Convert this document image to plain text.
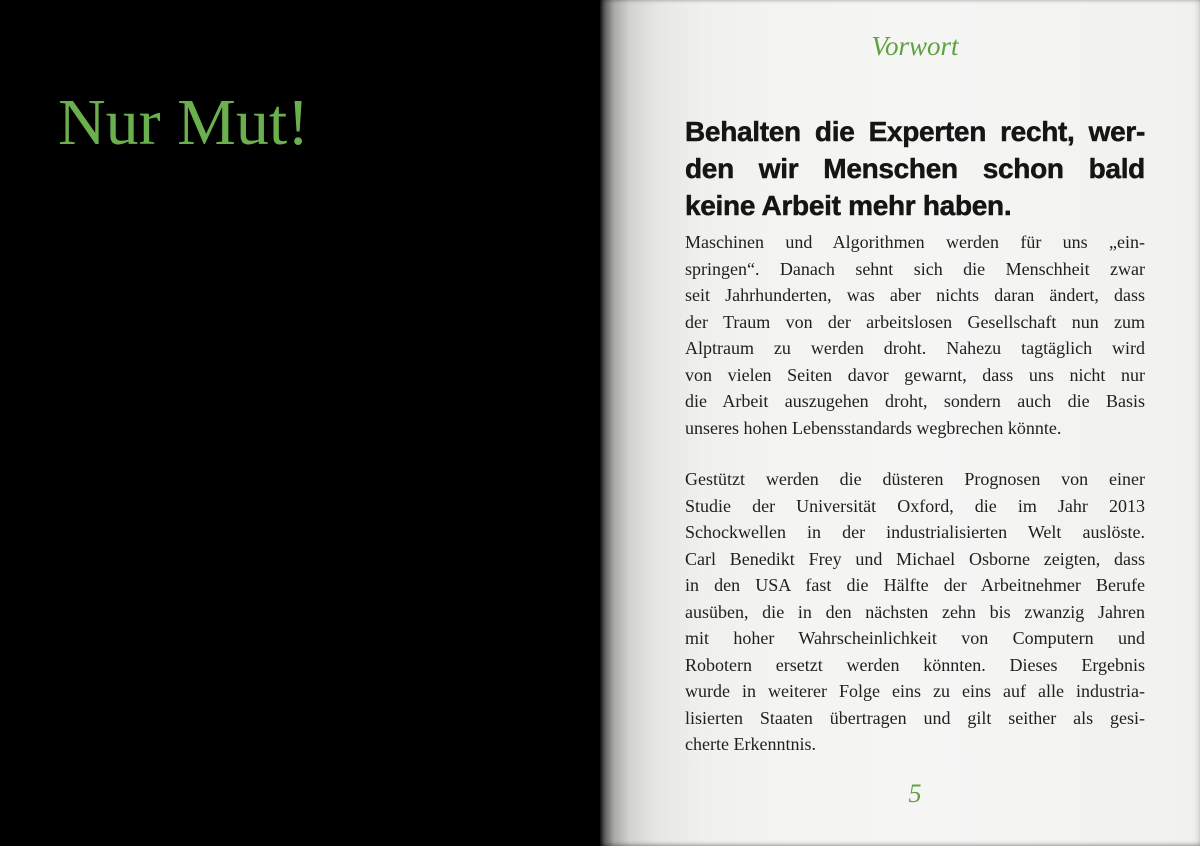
Nur Mut!
Vorwort
Behalten die Experten recht, wer-
den wir Menschen schon bald
keine Arbeit mehr haben.
Maschinen und Algorithmen werden für uns „ein-
springen“. Danach sehnt sich die Menschheit zwar
seit Jahrhunderten, was aber nichts daran ändert, dass
der Traum von der arbeitslosen Gesellschaft nun zum
Alptraum zu werden droht. Nahezu tagtäglich wird
von vielen Seiten davor gewarnt, dass uns nicht nur
die Arbeit auszugehen droht, sondern auch die Basis
unseres hohen Lebensstandards wegbrechen könnte.
Gestützt werden die düsteren Prognosen von einer
Studie der Universität Oxford, die im Jahr 2013
Schockwellen in der industrialisierten Welt auslöste.
Carl Benedikt Frey und Michael Osborne zeigten, dass
in den USA fast die Hälfte der Arbeitnehmer Berufe
ausüben, die in den nächsten zehn bis zwanzig Jahren
mit hoher Wahrscheinlichkeit von Computern und
Robotern ersetzt werden könnten. Dieses Ergebnis
wurde in weiterer Folge eins zu eins auf alle industria-
lisierten Staaten übertragen und gilt seither als gesi-
cherte Erkenntnis.
5
